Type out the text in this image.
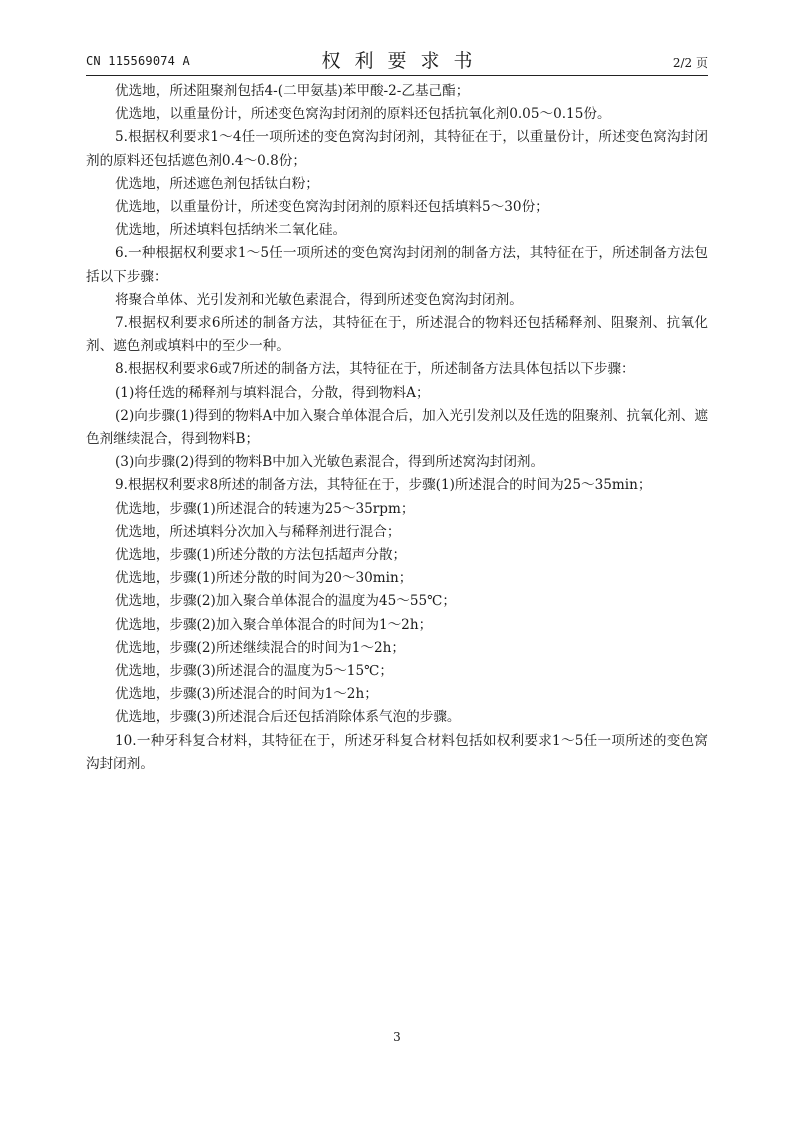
CN 115569074 A	权利要求书	2/2 页

优选地，所述阻聚剂包括4-(二甲氨基)苯甲酸-2-乙基己酯；

优选地，以重量份计，所述变色窝沟封闭剂的原料还包括抗氧化剂0.05～0.15份。

5.根据权利要求1～4任一项所述的变色窝沟封闭剂，其特征在于，以重量份计，所述变色窝沟封闭剂的原料还包括遮色剂0.4～0.8份；

优选地，所述遮色剂包括钛白粉；

优选地，以重量份计，所述变色窝沟封闭剂的原料还包括填料5～30份；

优选地，所述填料包括纳米二氧化硅。

6.一种根据权利要求1～5任一项所述的变色窝沟封闭剂的制备方法，其特征在于，所述制备方法包括以下步骤：

将聚合单体、光引发剂和光敏色素混合，得到所述变色窝沟封闭剂。

7.根据权利要求6所述的制备方法，其特征在于，所述混合的物料还包括稀释剂、阻聚剂、抗氧化剂、遮色剂或填料中的至少一种。

8.根据权利要求6或7所述的制备方法，其特征在于，所述制备方法具体包括以下步骤：

(1)将任选的稀释剂与填料混合，分散，得到物料A；

(2)向步骤(1)得到的物料A中加入聚合单体混合后，加入光引发剂以及任选的阻聚剂、抗氧化剂、遮色剂继续混合，得到物料B；

(3)向步骤(2)得到的物料B中加入光敏色素混合，得到所述窝沟封闭剂。

9.根据权利要求8所述的制备方法，其特征在于，步骤(1)所述混合的时间为25～35min；

优选地，步骤(1)所述混合的转速为25～35rpm；

优选地，所述填料分次加入与稀释剂进行混合；

优选地，步骤(1)所述分散的方法包括超声分散；

优选地，步骤(1)所述分散的时间为20～30min；

优选地，步骤(2)加入聚合单体混合的温度为45～55℃；

优选地，步骤(2)加入聚合单体混合的时间为1～2h；

优选地，步骤(2)所述继续混合的时间为1～2h；

优选地，步骤(3)所述混合的温度为5～15℃；

优选地，步骤(3)所述混合的时间为1～2h；

优选地，步骤(3)所述混合后还包括消除体系气泡的步骤。

10.一种牙科复合材料，其特征在于，所述牙科复合材料包括如权利要求1～5任一项所述的变色窝沟封闭剂。

3
